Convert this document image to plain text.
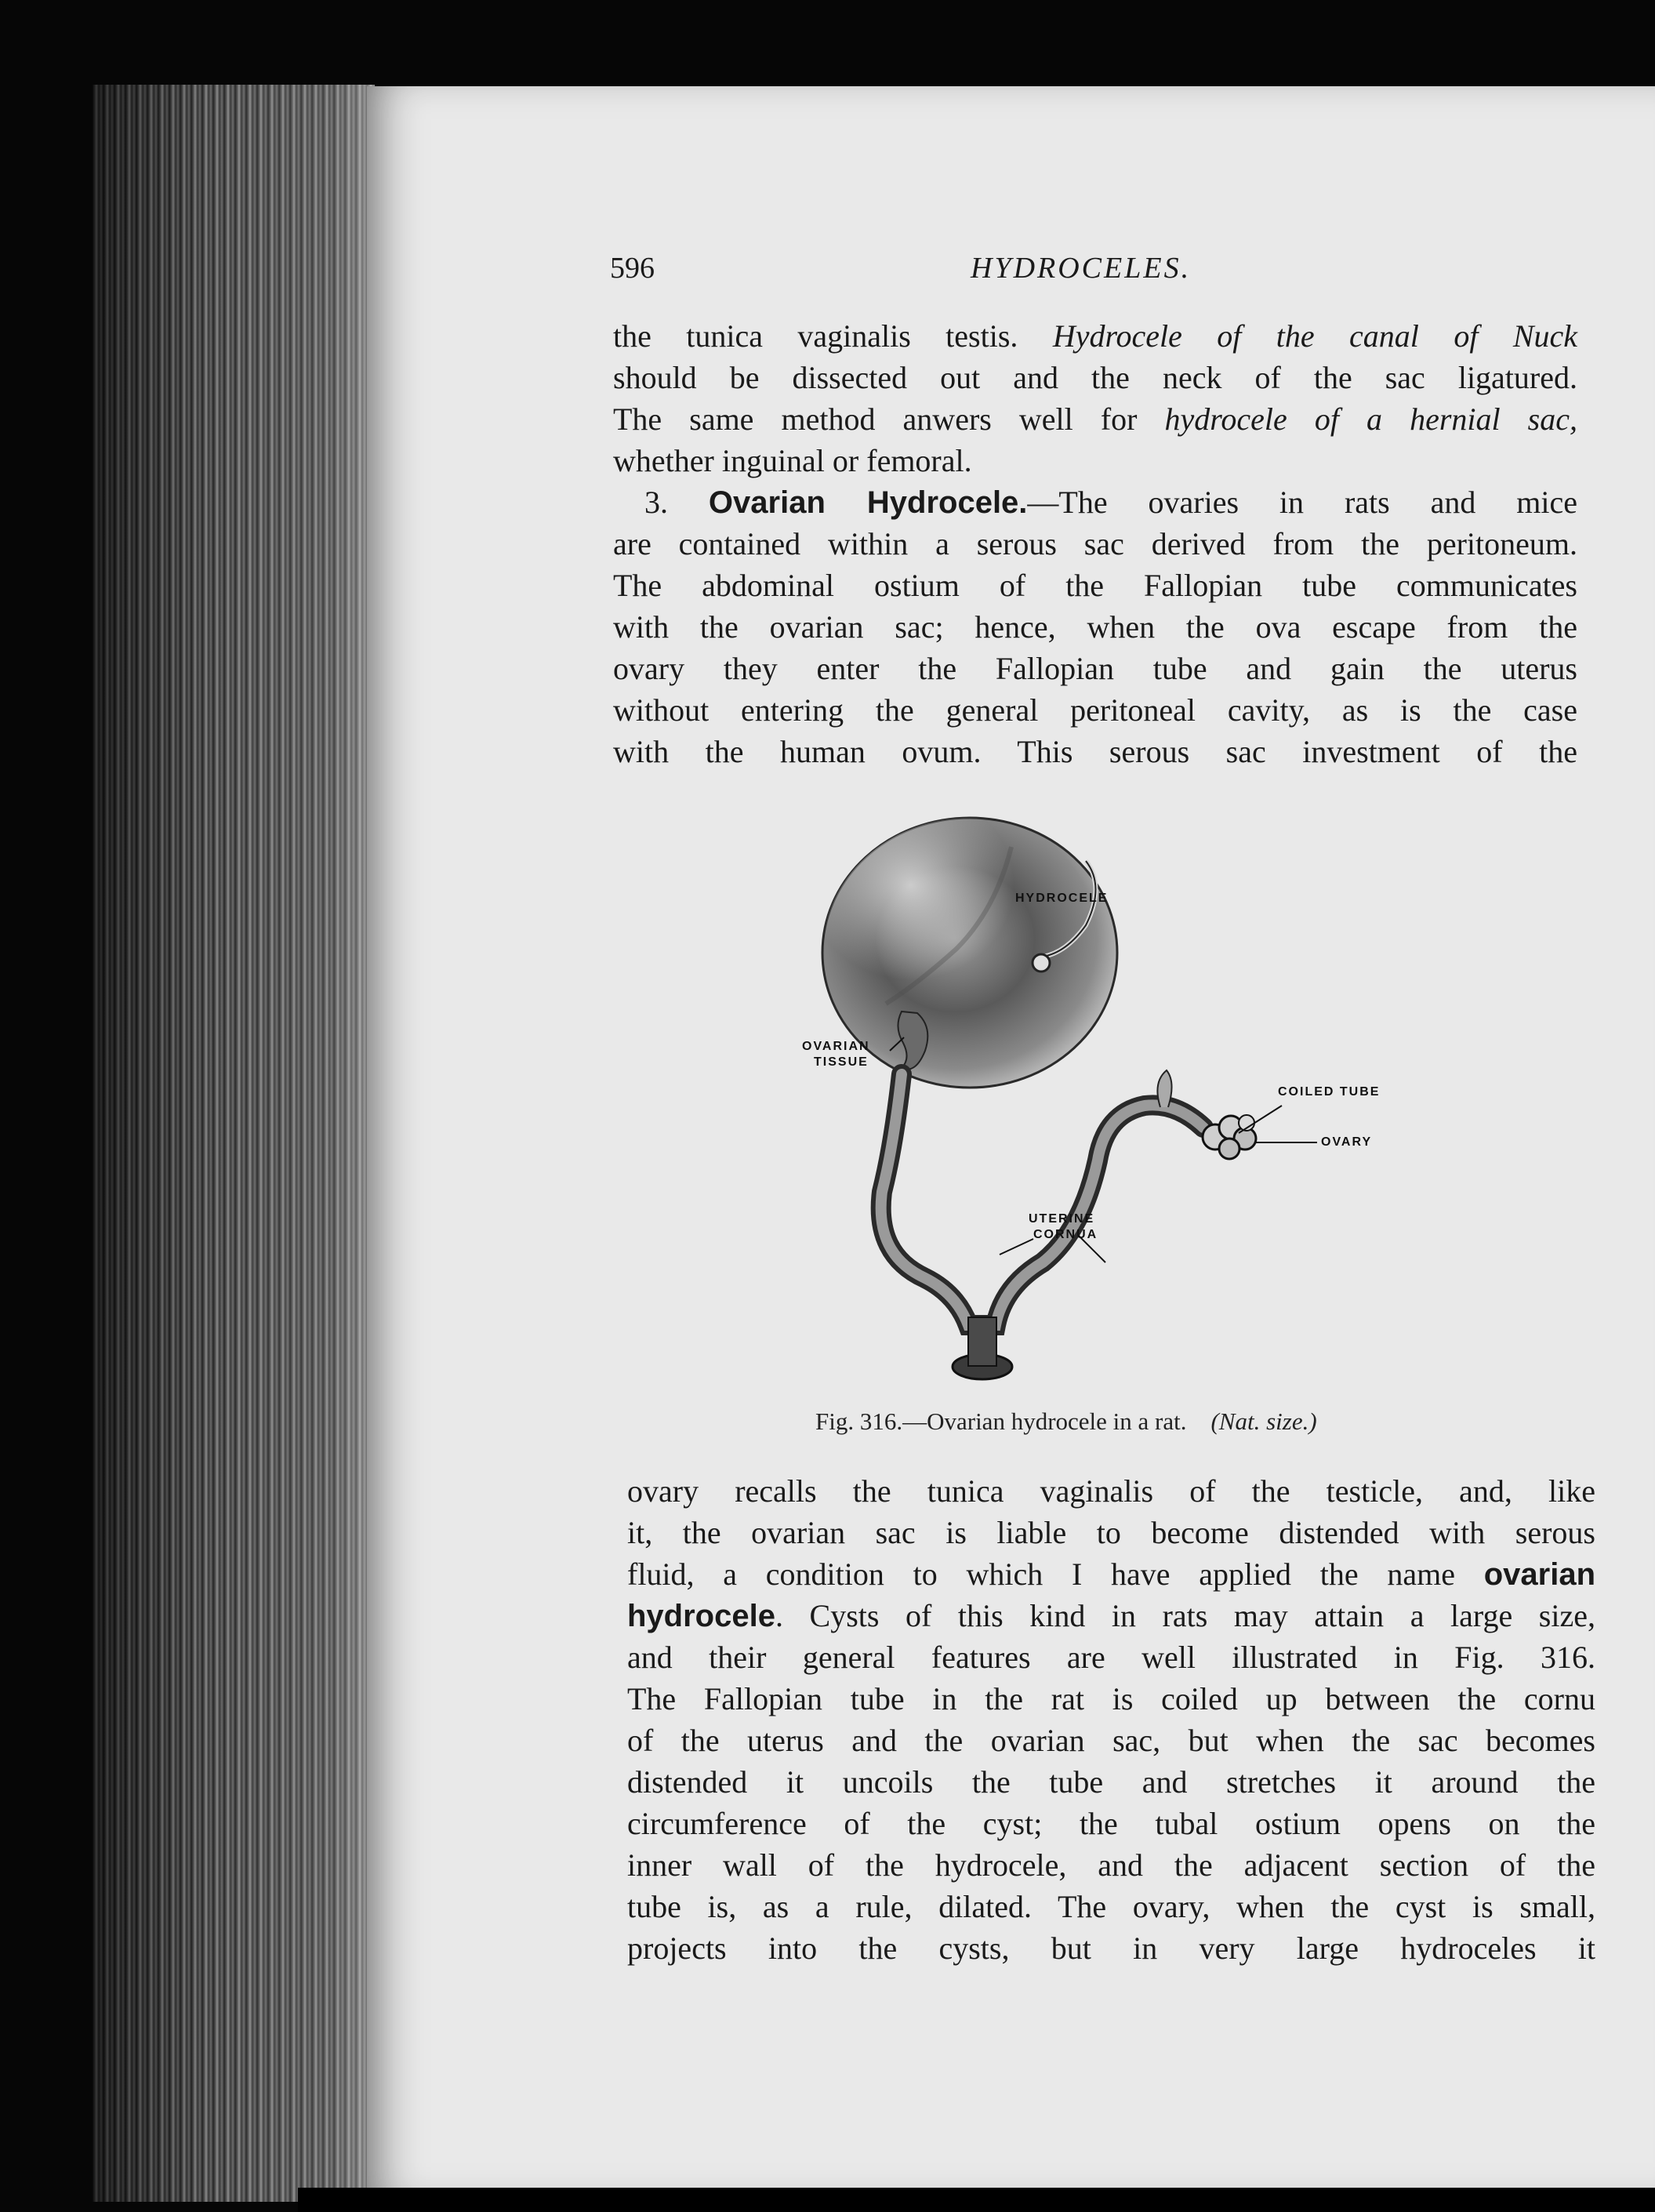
596	HYDROCELES.
the tunica vaginalis testis. Hydrocele of the canal of Nuck
should be dissected out and the neck of the sac ligatured.
The same method anwers well for hydrocele of a hernial sac,
whether inguinal or femoral.
 3. Ovarian Hydrocele.—The ovaries in rats and mice
are contained within a serous sac derived from the peritoneum.
The abdominal ostium of the Fallopian tube communicates
with the ovarian sac; hence, when the ova escape from the
ovary they enter the Fallopian tube and gain the uterus
without entering the general peritoneal cavity, as is the case
with the human ovum. This serous sac investment of the
HYDROCELE
OVARIAN
TISSUE
COILED TUBE
OVARY
UTERINE
CORNUA
Fig. 316.—Ovarian hydrocele in a rat.   (Nat. size.)
ovary recalls the tunica vaginalis of the testicle, and, like
it, the ovarian sac is liable to become distended with serous
fluid, a condition to which I have applied the name ovarian
hydrocele. Cysts of this kind in rats may attain a large size,
and their general features are well illustrated in Fig. 316.
The Fallopian tube in the rat is coiled up between the cornu
of the uterus and the ovarian sac, but when the sac becomes
distended it uncoils the tube and stretches it around the
circumference of the cyst; the tubal ostium opens on the
inner wall of the hydrocele, and the adjacent section of the
tube is, as a rule, dilated. The ovary, when the cyst is small,
projects into the cysts, but in very large hydroceles it
